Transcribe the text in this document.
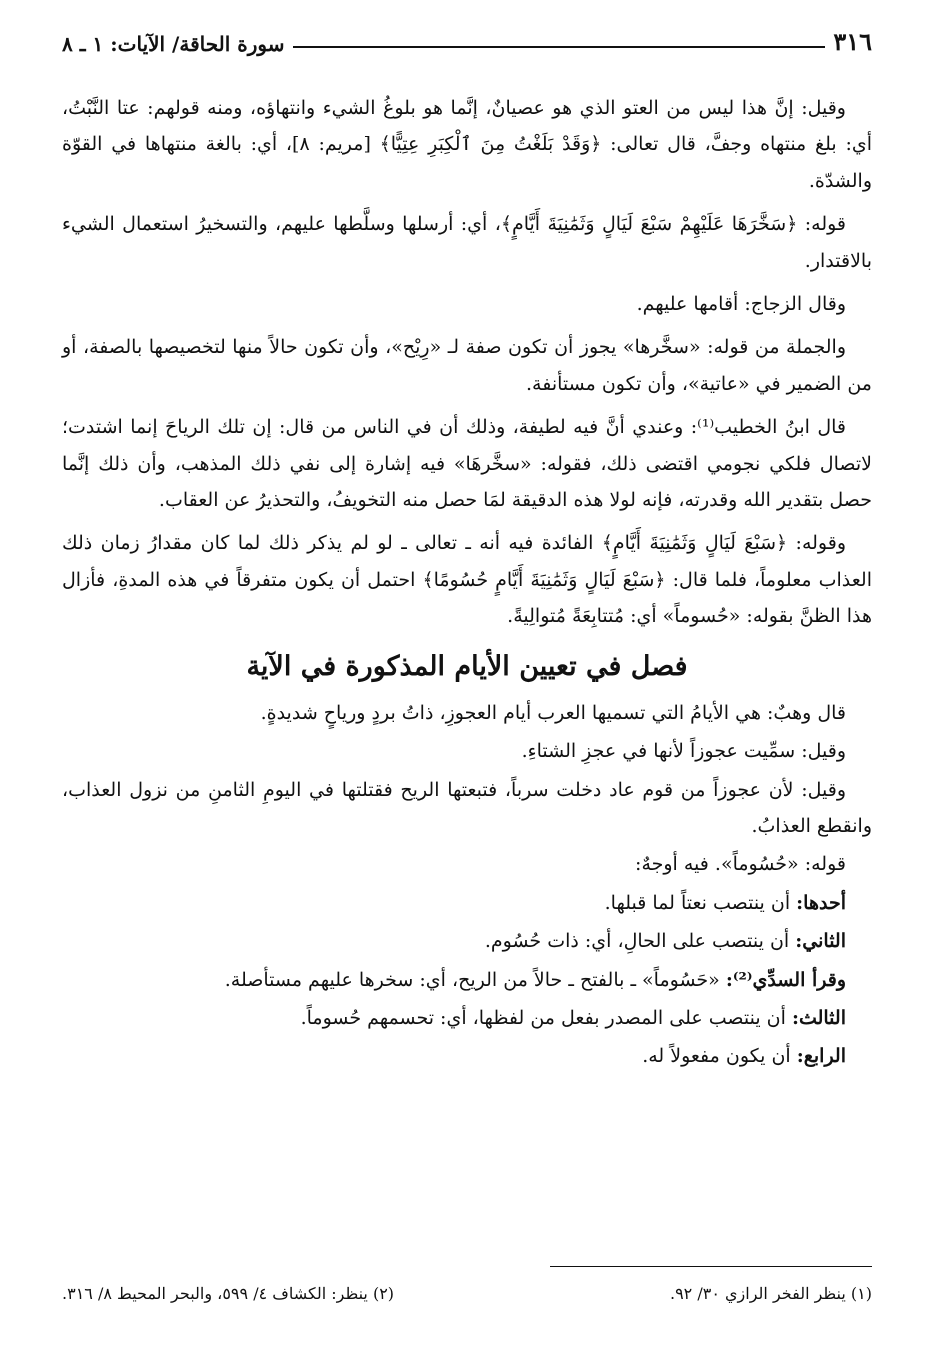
٣١٦
سورة الحاقة/ الآيات: ١ ـ ٨

وقيل: إنَّ هذا ليس من العتو الذي هو عصيانٌ، إنَّما هو بلوغُ الشيء وانتهاؤه، ومنه قولهم: عتا النَّبْتُ، أي: بلغ منتهاه وجفَّ، قال تعالى: ﴿وَقَدْ بَلَغْتُ مِنَ ٱلْكِبَرِ عِتِيًّا﴾ [مريم: ٨]، أي: بالغة منتهاها في القوّة والشدّة.

قوله: ﴿سَخَّرَهَا عَلَيْهِمْ سَبْعَ لَيَالٍ وَثَمَٰنِيَةَ أَيَّامٍ﴾، أي: أرسلها وسلَّطها عليهم، والتسخيرُ استعمال الشيء بالاقتدار.

وقال الزجاج: أقامها عليهم.

والجملة من قوله: «سخَّرها» يجوز أن تكون صفة لـ «رِيْح»، وأن تكون حالاً منها لتخصيصها بالصفة، أو من الضمير في «عاتية»، وأن تكون مستأنفة.

قال ابنُ الخطيب⁽¹⁾: وعندي أنَّ فيه لطيفة، وذلك أن في الناس من قال: إن تلك الرياحَ إنما اشتدت؛ لاتصال فلكي نجومي اقتضى ذلك، فقوله: «سخَّرهَا» فيه إشارة إلى نفي ذلك المذهب، وأن ذلك إنَّما حصل بتقدير الله وقدرته، فإنه لولا هذه الدقيقة لمَا حصل منه التخويفُ، والتحذيرُ عن العقاب.

وقوله: ﴿سَبْعَ لَيَالٍ وَثَمَٰنِيَةَ أَيَّامٍ﴾ الفائدة فيه أنه ـ تعالى ـ لو لم يذكر ذلك لما كان مقدارُ زمان ذلك العذاب معلوماً، فلما قال: ﴿سَبْعَ لَيَالٍ وَثَمَٰنِيَةَ أَيَّامٍ حُسُومًا﴾ احتمل أن يكون متفرقاً في هذه المدةِ، فأزال هذا الظنَّ بقوله: «حُسوماً» أي: مُتتابِعَةً مُتوالِيةً.

فصل في تعيين الأيام المذكورة في الآية

قال وهبٌ: هي الأيامُ التي تسميها العرب أيام العجوزِ، ذاتُ بردٍ ورياحٍ شديدةٍ.

وقيل: سمِّيت عجوزاً لأنها في عجزِ الشتاءِ.

وقيل: لأن عجوزاً من قوم عاد دخلت سرباً، فتبعتها الريح فقتلتها في اليومِ الثامنِ من نزول العذاب، وانقطع العذابُ.

قوله: «حُسُوماً». فيه أوجهٌ:

أحدها: أن ينتصب نعتاً لما قبلها.

الثاني: أن ينتصب على الحالِ، أي: ذات حُسُوم.

وقرأ السدِّي⁽²⁾: «حَسُوماً» ـ بالفتح ـ حالاً من الريح، أي: سخرها عليهم مستأصلة.

الثالث: أن ينتصب على المصدر بفعل من لفظها، أي: تحسمهم حُسوماً.

الرابع: أن يكون مفعولاً له.

(١) ينظر الفخر الرازي ٣٠/ ٩٢.
(٢) ينظر: الكشاف ٤/ ٥٩٩، والبحر المحيط ٨/ ٣١٦.
